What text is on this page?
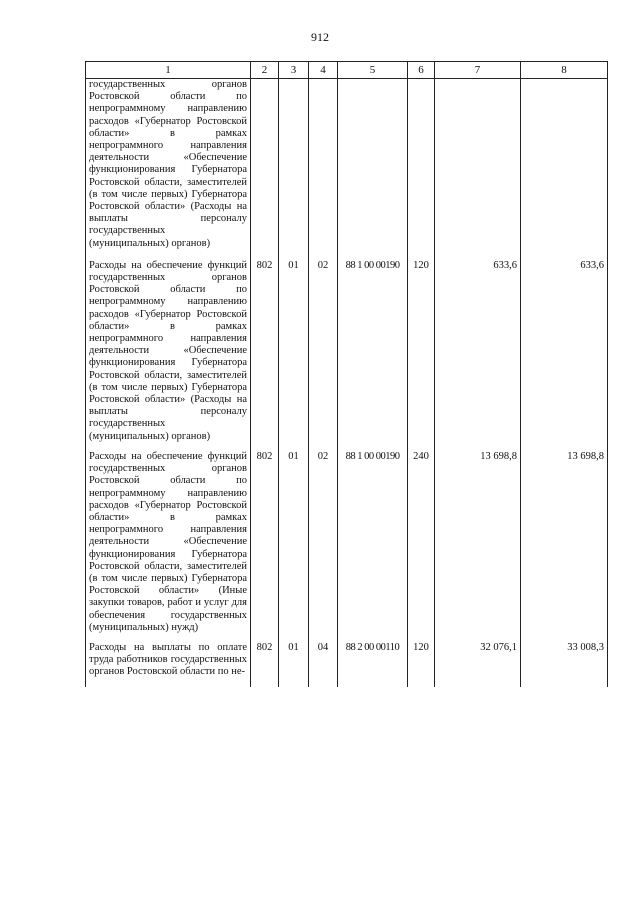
912
1	2	3	4	5	6	7	8
государственных органов Ростовской области по непрограммному направлению расходов «Губернатор Ростовской области» в рамках непрограммного направления деятельности «Обеспечение функционирования Губернатора Ростовской области, заместителей (в том числе первых) Губернатора Ростовской области» (Расходы на выплаты персоналу государственных (муниципальных) органов)							
Расходы на обеспечение функций государственных органов Ростовской области по непрограммному направлению расходов «Губернатор Ростовской области» в рамках непрограммного направления деятельности «Обеспечение функционирования Губернатора Ростовской области, заместителей (в том числе первых) Губернатора Ростовской области» (Расходы на выплаты персоналу государственных (муниципальных) органов)	802	01	02	88 1 00 00190	120	633,6	633,6
Расходы на обеспечение функций государственных органов Ростовской области по непрограммному направлению расходов «Губернатор Ростовской области» в рамках непрограммного направления деятельности «Обеспечение функционирования Губернатора Ростовской области, заместителей (в том числе первых) Губернатора Ростовской области» (Иные закупки товаров, работ и услуг для обеспечения государственных (муниципальных) нужд)	802	01	02	88 1 00 00190	240	13 698,8	13 698,8
Расходы на выплаты по оплате труда работников государственных органов Ростовской области по не-	802	01	04	88 2 00 00110	120	32 076,1	33 008,3
